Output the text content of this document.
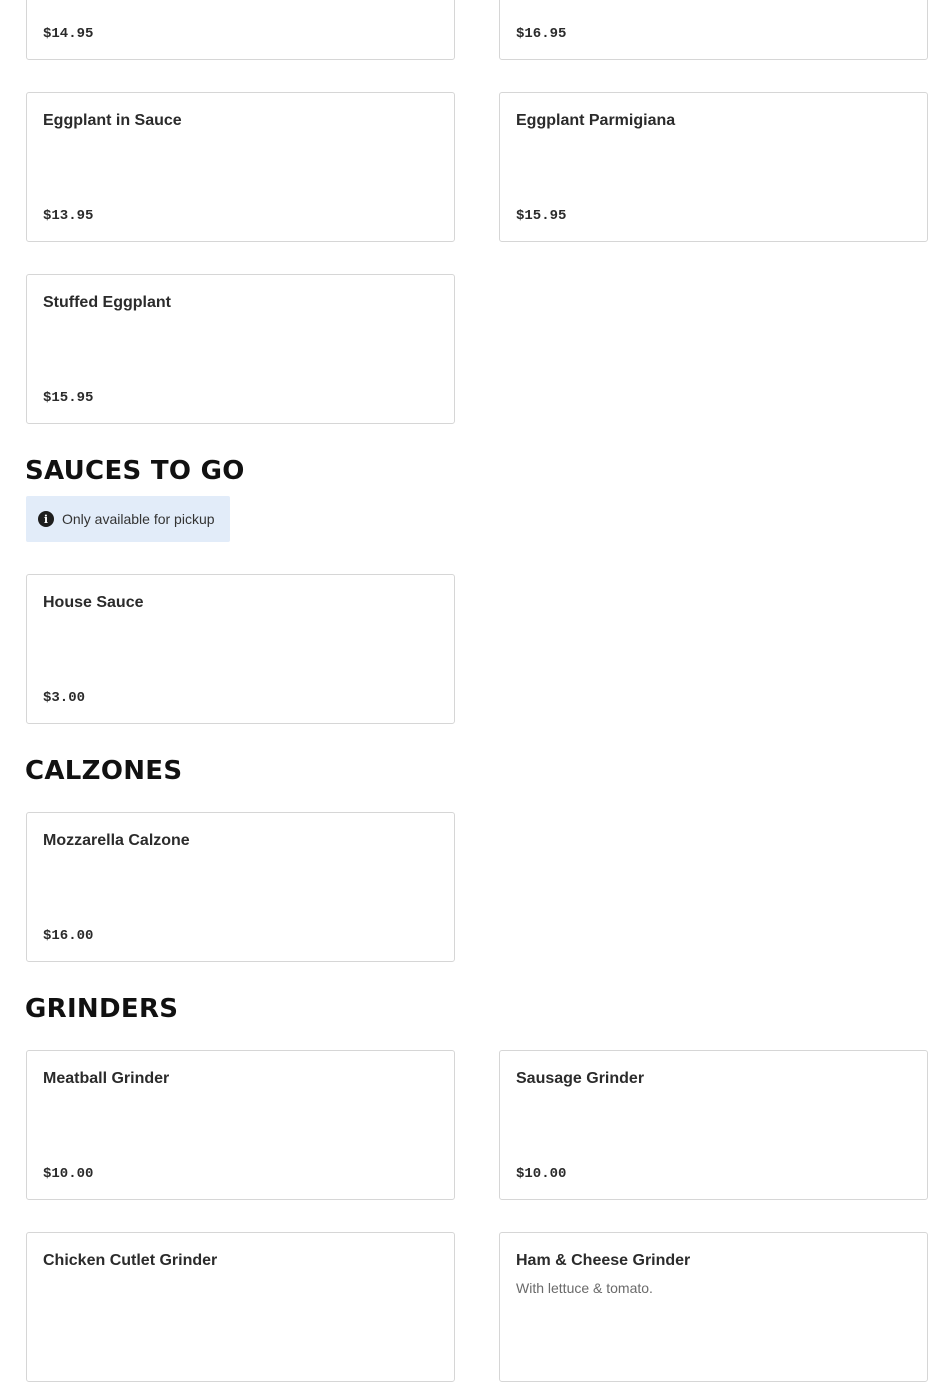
$14.95	$16.95
Eggplant in Sauce
$13.95
Eggplant Parmigiana
$15.95
Stuffed Eggplant
$15.95
SAUCES TO GO
i Only available for pickup
House Sauce
$3.00
CALZONES
Mozzarella Calzone
$16.00
GRINDERS
Meatball Grinder
$10.00
Sausage Grinder
$10.00
Chicken Cutlet Grinder	Ham & Cheese Grinder
With lettuce & tomato.
